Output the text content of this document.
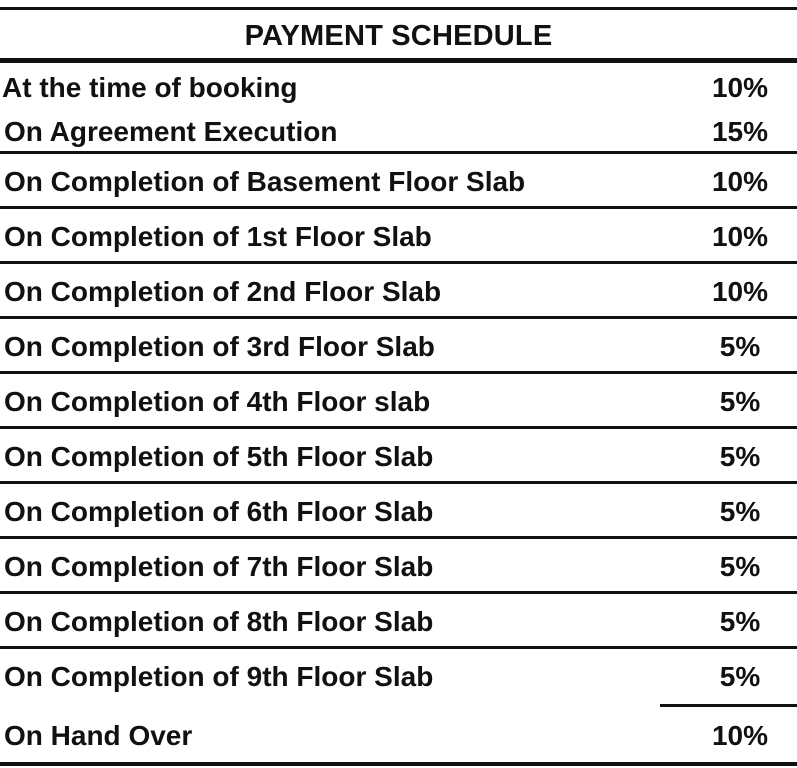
PAYMENT SCHEDULE
At the time of booking	10%
On Agreement Execution	15%
On Completion of Basement Floor Slab	10%
On Completion of 1st Floor Slab	10%
On Completion of 2nd Floor Slab	10%
On Completion of 3rd Floor Slab	5%
On Completion of 4th Floor slab	5%
On Completion of 5th Floor Slab	5%
On Completion of 6th Floor Slab	5%
On Completion of 7th Floor Slab	5%
On Completion of 8th Floor Slab	5%
On Completion of 9th Floor Slab	5%
On Hand Over	10%
